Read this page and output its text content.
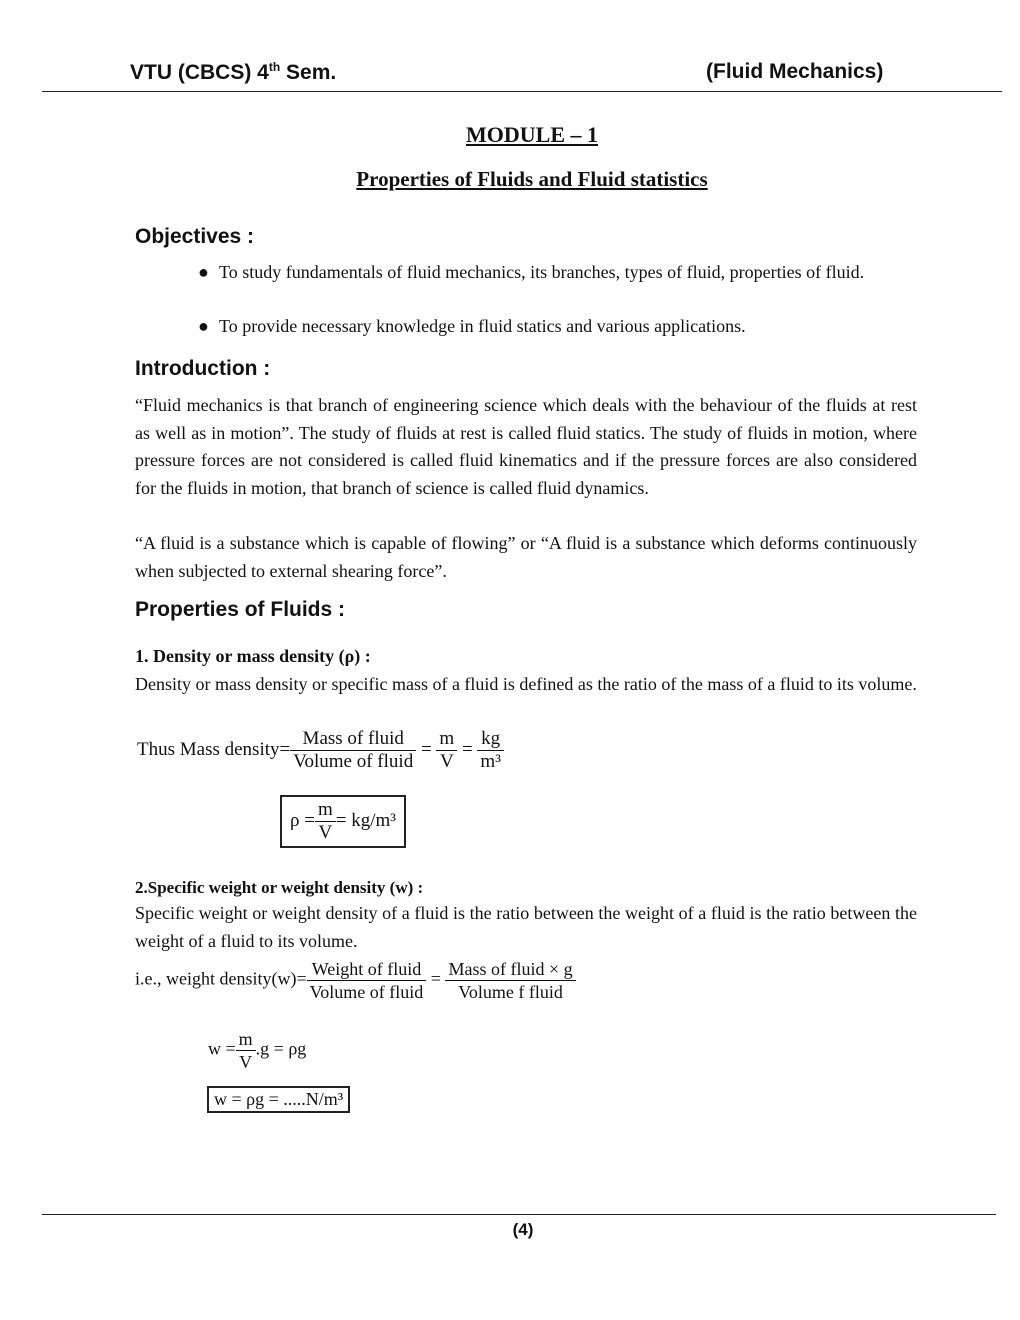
VTU (CBCS) 4th Sem.	(Fluid Mechanics)
MODULE – 1
Properties of Fluids and Fluid statistics
Objectives :
● To study fundamentals of fluid mechanics, its branches, types of fluid, properties of fluid.
● To provide necessary knowledge in fluid statics and various applications.
Introduction :
“Fluid mechanics is that branch of engineering science which deals with the behaviour of the fluids at rest as well as in motion”. The study of fluids at rest is called fluid statics. The study of fluids in motion, where pressure forces are not considered is called fluid kinematics and if the pressure forces are also considered for the fluids in motion, that branch of science is called fluid dynamics.
“A fluid is a substance which is capable of flowing” or “A fluid is a substance which deforms continuously when subjected to external shearing force”.
Properties of Fluids :
1. Density or mass density (ρ) :
Density or mass density or specific mass of a fluid is defined as the ratio of the mass of a fluid to its volume.
Thus Mass density= $\frac{\text{Mass of fluid}}{\text{Volume of fluid}} = \frac{m}{V} = \frac{kg}{\text{m³}}$
$\rho = \frac{m}{V} = kg/m^3$
2.Specific weight or weight density (w) :
Specific weight or weight density of a fluid is the ratio between the weight of a fluid is the ratio between the weight of a fluid to its volume.
i.e., weight density(w)= $\frac{\text{Weight of fluid}}{\text{Volume of fluid}} = \frac{\text{Mass of fluid × g}}{\text{Volume f fluid}}$
$w = \frac{m}{V} .g = \rho g$
w = ρg = .....N/m³
(4)
